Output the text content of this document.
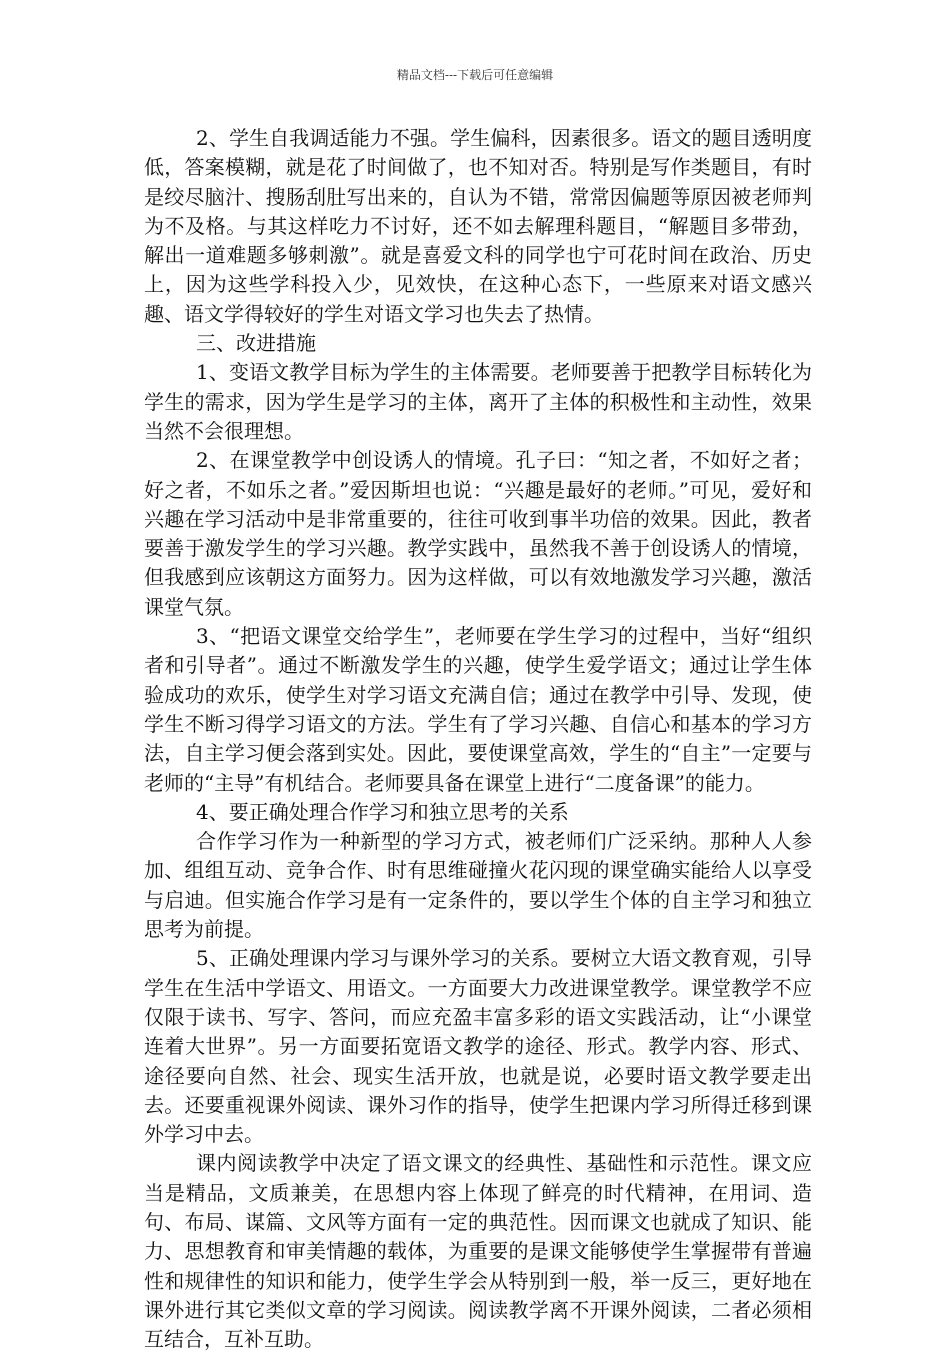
精品文档---下载后可任意编辑

2、学生自我调适能力不强。学生偏科，因素很多。语文的题目透明度低，答案模糊，就是花了时间做了，也不知对否。特别是写作类题目，有时是绞尽脑汁、搜肠刮肚写出来的，自认为不错，常常因偏题等原因被老师判为不及格。与其这样吃力不讨好，还不如去解理科题目，“解题目多带劲，解出一道难题多够刺激”。就是喜爱文科的同学也宁可花时间在政治、历史上，因为这些学科投入少，见效快，在这种心态下，一些原来对语文感兴趣、语文学得较好的学生对语文学习也失去了热情。

三、改进措施

1、变语文教学目标为学生的主体需要。老师要善于把教学目标转化为学生的需求，因为学生是学习的主体，离开了主体的积极性和主动性，效果当然不会很理想。

2、在课堂教学中创设诱人的情境。孔子曰：“知之者，不如好之者；好之者，不如乐之者。”爱因斯坦也说：“兴趣是最好的老师。”可见，爱好和兴趣在学习活动中是非常重要的，往往可收到事半功倍的效果。因此，教者要善于激发学生的学习兴趣。教学实践中，虽然我不善于创设诱人的情境，但我感到应该朝这方面努力。因为这样做，可以有效地激发学习兴趣，激活课堂气氛。

3、“把语文课堂交给学生”，老师要在学生学习的过程中，当好“组织者和引导者”。通过不断激发学生的兴趣，使学生爱学语文；通过让学生体验成功的欢乐，使学生对学习语文充满自信；通过在教学中引导、发现，使学生不断习得学习语文的方法。学生有了学习兴趣、自信心和基本的学习方法，自主学习便会落到实处。因此，要使课堂高效，学生的“自主”一定要与老师的“主导”有机结合。老师要具备在课堂上进行“二度备课”的能力。

4、要正确处理合作学习和独立思考的关系

合作学习作为一种新型的学习方式，被老师们广泛采纳。那种人人参加、组组互动、竞争合作、时有思维碰撞火花闪现的课堂确实能给人以享受与启迪。但实施合作学习是有一定条件的，要以学生个体的自主学习和独立思考为前提。

5、正确处理课内学习与课外学习的关系。要树立大语文教育观，引导学生在生活中学语文、用语文。一方面要大力改进课堂教学。课堂教学不应仅限于读书、写字、答问，而应充盈丰富多彩的语文实践活动，让“小课堂连着大世界”。另一方面要拓宽语文教学的途径、形式。教学内容、形式、途径要向自然、社会、现实生活开放，也就是说，必要时语文教学要走出去。还要重视课外阅读、课外习作的指导，使学生把课内学习所得迁移到课外学习中去。

课内阅读教学中决定了语文课文的经典性、基础性和示范性。课文应当是精品，文质兼美，在思想内容上体现了鲜亮的时代精神，在用词、造句、布局、谋篇、文风等方面有一定的典范性。因而课文也就成了知识、能力、思想教育和审美情趣的载体，为重要的是课文能够使学生掌握带有普遍性和规律性的知识和能力，使学生学会从特别到一般，举一反三，更好地在课外进行其它类似文章的学习阅读。阅读教学离不开课外阅读，二者必须相互结合，互补互助。
